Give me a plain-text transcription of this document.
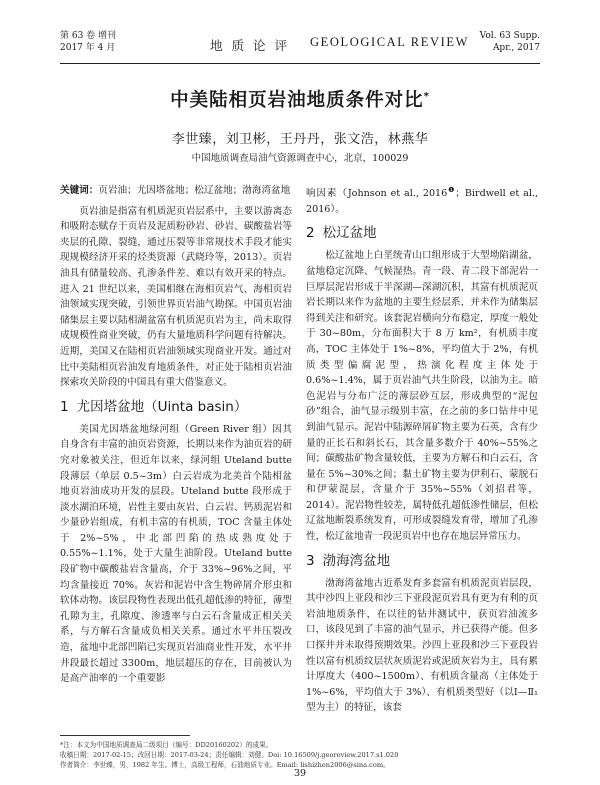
第 63 卷 增刊
2017 年 4 月	地质论评 GEOLOGICAL REVIEW Vol. 63 Supp.
Apr., 2017
中美陆相页岩油地质条件对比*
李世臻，刘卫彬，王丹丹，张文浩，林燕华
中国地质调查局油气资源调查中心，北京，100029

关键词：页岩油；尤因塔盆地；松辽盆地；渤海湾盆地

页岩油是指富有机质泥页岩层系中，主要以游离态和吸附态赋存于页岩及泥质粉砂岩、砂岩、碳酸盐岩等夹层的孔隙、裂缝，通过压裂等非常规技术手段才能实现规模经济开采的烃类资源（武晓玲等，2013）。页岩油具有储量较高、孔渗条件差、难以有效开采的特点。进入 21 世纪以来，美国相继在海相页岩气、海相页岩油领域实现突破，引领世界页岩油气勘探。中国页岩油储集层主要以陆相湖盆富有机质泥页岩为主，尚未取得成规模性商业突破，仍有大量地质科学问题有待解决。近期，美国又在陆相页岩油领域实现商业开发。通过对比中美陆相页岩油发育地质条件，对正处于陆相页岩油探索攻关阶段的中国具有重大借鉴意义。

1 尤因塔盆地（Uinta basin）

美国尤因塔盆地绿河组（Green River 组）因其自身含有丰富的油页岩资源，长期以来作为油页岩的研究对象被关注，但近年以来，绿河组 Uteland butte 段薄层（单层 0.5~3m）白云岩成为北美首个陆相盆地页岩油成功开发的层段。Uteland butte 段形成于淡水湖泊环境，岩性主要由灰岩、白云岩、钙质泥岩和少量砂岩组成，有机丰富的有机质，TOC 含量主体处于 2%~5%，中北部凹陷的热成熟度处于 0.55%~1.1%，处于大量生油阶段。Uteland butte 段矿物中碳酸盐岩含量高，介于 33%~96%之间，平均含量接近 70%。灰岩和泥岩中含生物碎屑介形虫和软体动物。该层段物性表现出低孔超低渗的特征，薄型孔隙为主，孔隙度、渗透率与白云石含量成正相关关系，与方解石含量成负相关关系。通过水平井压裂改造，盆地中北部凹陷已实现页岩油商业性开发，水平井井段最长超过 3300m，地层超压的存在，目前被认为是高产油率的一个重要影

响因素（Johnson et al., $2016^❶$；Birdwell et al., 2016）。

2 松辽盆地

松辽盆地上白垩统青山口组形成于大型坳陷湖盆，盆地稳定沉降、气候湿热。青一段、青二段下部泥岩一巨厚层泥岩形成于半深湖—深湖沉积，其富有机质泥页岩长期以来作为盆地的主要生烃层系，并未作为储集层得到关注和研究。该套泥岩横向分布稳定，厚度一般处于 30~80m，分布面积大于 8 万 km²，有机质丰度高，TOC 主体处于 1%~8%，平均值大于 2%，有机质类型偏腐泥型，热演化程度主体处于 0.6%~1.4%，属于页岩油气共生阶段，以油为主。暗色泥岩与分布广泛的薄层砂互层，形成典型的“泥包砂”组合，油气显示级别丰富，在之前的多口钻井中见到油气显示。泥岩中陆源碎屑矿物主要为石英，含有少量的正长石和斜长石，其含量多数介于 40%~55%之间；碳酸盐矿物含量较低，主要为方解石和白云石，含量在 5%~30%之间；黏土矿物主要为伊利石、蒙脱石和伊蒙混层，含量介于 35%~55%（刘招君等，2014）。泥岩物性较差，属特低孔超低渗性储层，但松辽盆地断裂系统发育，可形成裂缝发育带，增加了孔渗性，松辽盆地青一段泥页岩中也存在地层异常压力。

3 渤海湾盆地

渤海湾盆地古近系发育多套富有机质泥页岩层段，其中沙四上亚段和沙三下亚段泥页岩具有更为有利的页岩油地质条件，在以往的钻井测试中，获页岩油流多口，该段见到了丰富的油气显示，并已获得产能。但多口探井并未取得预期效果。沙四上亚段和沙三下亚段岩性以富有机质纹层状灰质泥岩或泥质灰岩为主，具有累计厚度大（400~1500m）、有机质含量高（主体处于 1%~6%，平均值大于 3%）、有机质类型好（以Ⅰ—Ⅱ₁型为主）的特征，该套

*注：本文为中国地质调查局二级项目（编号：DD20160202）的成果。
收稿日期：2017-02-15；改回日期：2017-03-24；责任编辑：刘健。Doi: 10.16509/j.georeview.2017.s1.020
作者简介：李世臻，男，1982 年生。博士，高级工程师，石油地质专业。Email: lishizhen2006@sina.com。
39
